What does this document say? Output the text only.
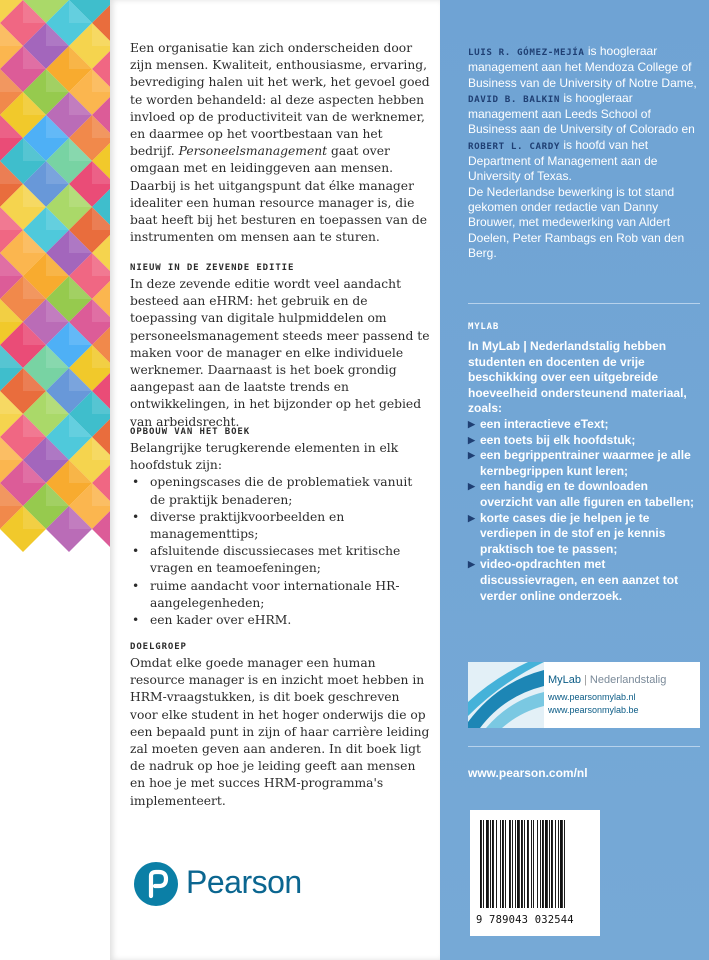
Een organisatie kan zich onderscheiden door zijn mensen. Kwaliteit, enthousiasme, ervaring, bevrediging halen uit het werk, het gevoel goed te worden behandeld: al deze aspecten hebben invloed op de productiviteit van de werknemer, en daarmee op het voortbestaan van het bedrijf. Personeelsmanagement gaat over omgaan met en leidinggeven aan mensen. Daarbij is het uitgangspunt dat élke manager idealiter een human resource manager is, die baat heeft bij het besturen en toepassen van de instrumenten om mensen aan te sturen.

NIEUW IN DE ZEVENDE EDITIE

In deze zevende editie wordt veel aandacht besteed aan eHRM: het gebruik en de toepassing van digitale hulpmiddelen om personeelsmanagement steeds meer passend te maken voor de manager en elke individuele werknemer. Daarnaast is het boek grondig aangepast aan de laatste trends en ontwikkelingen, in het bijzonder op het gebied van arbeidsrecht.

OPBOUW VAN HET BOEK

Belangrijke terugkerende elementen in elk hoofdstuk zijn:

• openingscases die de problematiek vanuit de praktijk benaderen;
• diverse praktijkvoorbeelden en managementtips;
• afsluitende discussiecases met kritische vragen en teamoefeningen;
• ruime aandacht voor internationale HR-aangelegenheden;
• een kader over eHRM.
DOELGROEP

Omdat elke goede manager een human resource manager is en inzicht moet hebben in HRM-vraagstukken, is dit boek geschreven voor elke student in het hoger onderwijs die op een bepaald punt in zijn of haar carrière leiding zal moeten geven aan anderen. In dit boek ligt de nadruk op hoe je leiding geeft aan mensen en hoe je met succes HRM-programma's implementeert.

Pearson
LUIS R. GÓMEZ-MEJÍA is hoogleraar management aan het Mendoza College of Business van de University of Notre Dame, DAVID B. BALKIN is hoogleraar management aan Leeds School of Business aan de University of Colorado en ROBERT L. CARDY is hoofd van het Department of Management aan de University of Texas.
De Nederlandse bewerking is tot stand gekomen onder redactie van Danny Brouwer, met medewerking van Aldert Doelen, Peter Rambags en Rob van den Berg.
MYLAB

In MyLab | Nederlandstalig hebben studenten en docenten de vrije beschikking over een uitgebreide hoeveelheid ondersteunend materiaal, zoals:

▶ een interactieve eText;
▶ een toets bij elk hoofdstuk;
▶ een begrippentrainer waarmee je alle kernbegrippen kunt leren;
▶ een handig en te downloaden overzicht van alle figuren en tabellen;
▶ korte cases die je helpen je te verdiepen in de stof en je kennis praktisch toe te passen;
▶ video-opdrachten met discussievragen, en een aanzet tot verder online onderzoek.
MyLab | Nederlandstalig
www.pearsonmylab.nl
www.pearsonmylab.be
www.pearson.com/nl
9 789043 032544
